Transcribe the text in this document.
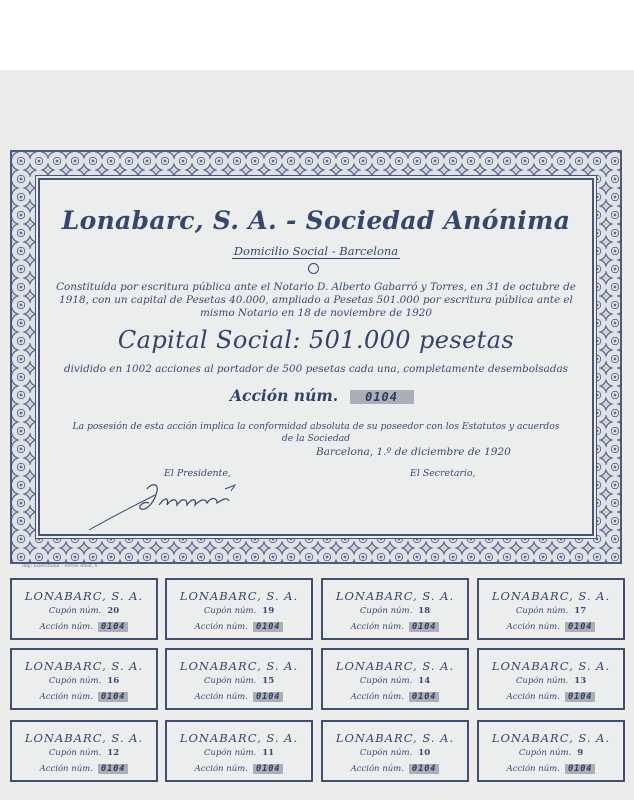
Lonabarc, S. A. - Sociedad Anónima
Domicilio Social - Barcelona
Constituída por escritura pública ante el Notario D. Alberto Gabarró y Torres, en 31 de octubre de 1918, con un capital de Pesetas 40.000, ampliado a Pesetas 501.000 por escritura pública ante el mismo Notario en 18 de noviembre de 1920
Capital Social: 501.000 pesetas
dividido en 1002 acciones al portador de 500 pesetas cada una, completamente desembolsadas
Acción núm. 0104
La posesión de esta acción implica la conformidad absoluta de su poseedor con los Estatutos y acuerdos de la Sociedad
Barcelona, 1.º de diciembre de 1920
El Presidente,	El Secretario,
Imp. Elzeviriana - Torres Amat, 8
LONABARC, S. A.
Cupón núm. 20
Acción núm. 0104
LONABARC, S. A.
Cupón núm. 19
Acción núm. 0104
LONABARC, S. A.
Cupón núm. 18
Acción núm. 0104
LONABARC, S. A.
Cupón núm. 17
Acción núm. 0104
LONABARC, S. A.
Cupón núm. 16
Acción núm. 0104
LONABARC, S. A.
Cupón núm. 15
Acción núm. 0104
LONABARC, S. A.
Cupón núm. 14
Acción núm. 0104
LONABARC, S. A.
Cupón núm. 13
Acción núm. 0104
LONABARC, S. A.
Cupón núm. 12
Acción núm. 0104
LONABARC, S. A.
Cupón núm. 11
Acción núm. 0104
LONABARC, S. A.
Cupón núm. 10
Acción núm. 0104
LONABARC, S. A.
Cupón núm. 9
Acción núm. 0104
